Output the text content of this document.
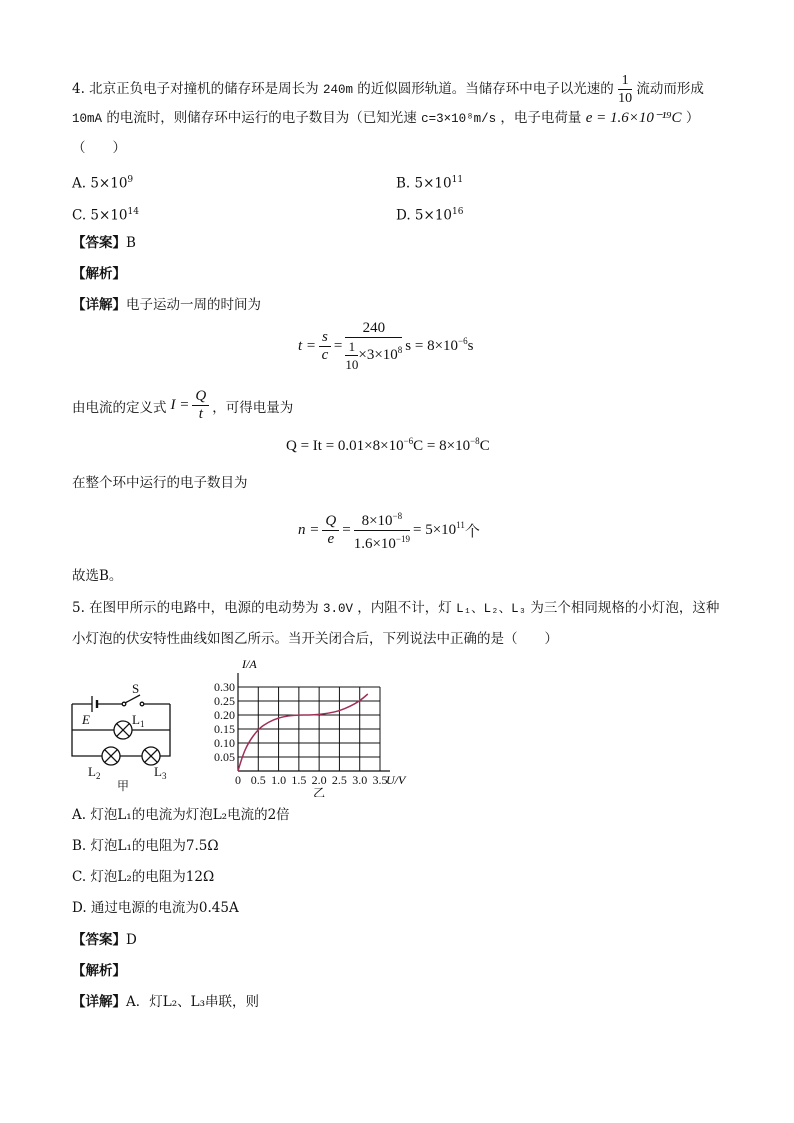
4. 北京正负电子对撞机的储存环是周长为 240m 的近似圆形轨道。当储存环中电子以光速的 $\frac{1}{10}$ 流动而形成
10mA 的电流时，则储存环中运行的电子数目为（已知光速 c=3×10⁸m/s ，电子电荷量 e = 1.6×10⁻¹⁹C ）
（　　）
A. $5\times 10^9$	B. $5\times 10^{11}$
C. $5\times 10^{14}$	D. $5\times 10^{16}$
【答案】B
【解析】
【详解】电子运动一周的时间为
$t = \frac{s}{c} = \frac{240}{\frac{1}{10} \times 3\times 10^8}$ $s = 8\times 10^{-6}$ s
由电流的定义式 $I = \frac{Q}{t}$ ，可得电量为
$Q = It = 0.01\times 8\times 10^{-6}C = 8\times 10^{-8}C$
在整个环中运行的电子数目为
$n = \frac{Q}{e} = \frac{8\times 10^{-8}}{1.6\times 10^{-19}} = 5\times 10^{11}$ 个
故选B。
5. 在图甲所示的电路中，电源的电动势为 3.0V ，内阻不计，灯 L₁、L₂、L₃ 为三个相同规格的小灯泡，这种
小灯泡的伏安特性曲线如图乙所示。当开关闭合后，下列说法中正确的是（　　）
S
E	$L_1$
$L_2$	$L_3$
甲	0 0.5 1.0 1.5 2.0 2.5 3.0 3.5
0.05
0.10
0.15
0.20
0.25
0.30
I/A
U/V
乙
A. 灯泡L₁的电流为灯泡L₂电流的2倍
B. 灯泡L₁的电阻为7.5Ω
C. 灯泡L₂的电阻为12Ω
D. 通过电源的电流为0.45A
【答案】D
【解析】
【详解】A．灯L₂、L₃串联，则
